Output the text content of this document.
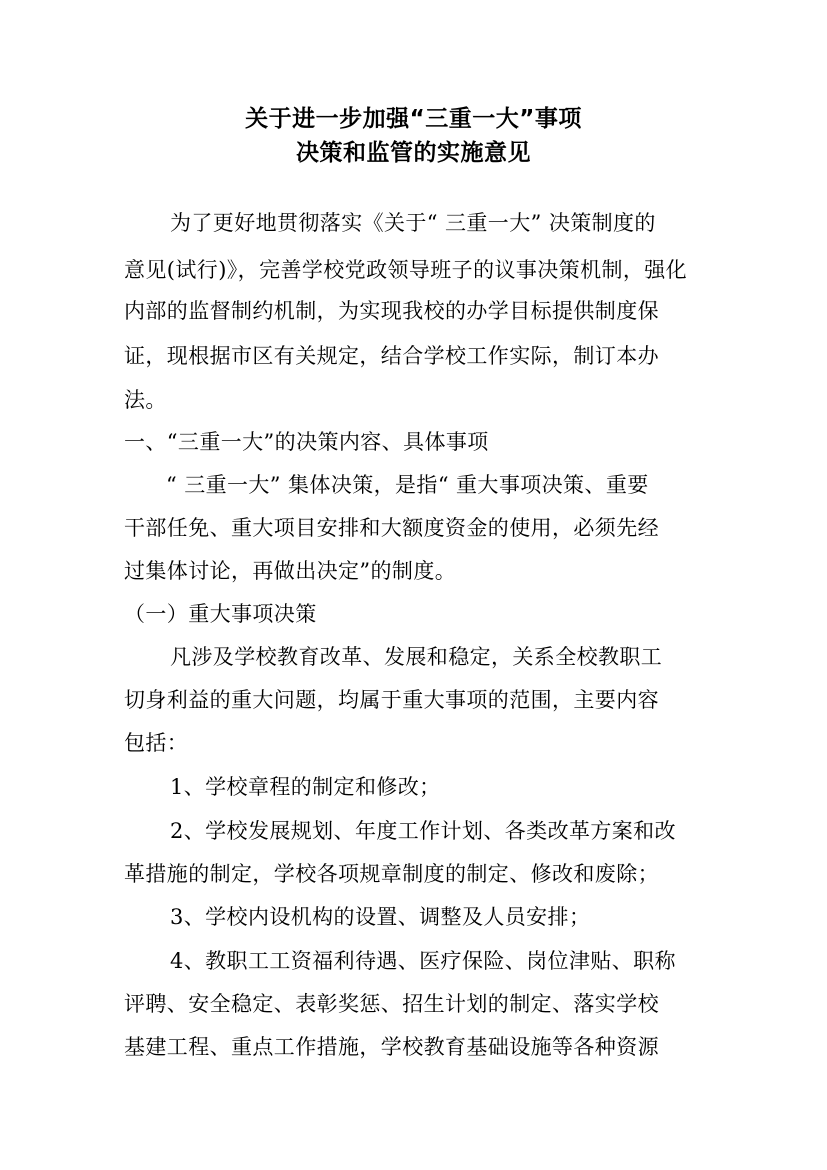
关于进一步加强“三重一大”事项
决策和监管的实施意见
为了更好地贯彻落实《关于“ 三重一大” 决策制度的
意见(试行)》，完善学校党政领导班子的议事决策机制，强化
内部的监督制约机制，为实现我校的办学目标提供制度保
证，现根据市区有关规定，结合学校工作实际，制订本办
法。
一、“三重一大”的决策内容、具体事项
“ 三重一大” 集体决策，是指“ 重大事项决策、重要
干部任免、重大项目安排和大额度资金的使用，必须先经
过集体讨论，再做出决定”的制度。
（一）重大事项决策
凡涉及学校教育改革、发展和稳定，关系全校教职工
切身利益的重大问题，均属于重大事项的范围，主要内容
包括：
1、学校章程的制定和修改；
2、学校发展规划、年度工作计划、各类改革方案和改
革措施的制定，学校各项规章制度的制定、修改和废除；
3、学校内设机构的设置、调整及人员安排；
4、教职工工资福利待遇、医疗保险、岗位津贴、职称
评聘、安全稳定、表彰奖惩、招生计划的制定、落实学校
基建工程、重点工作措施，学校教育基础设施等各种资源
